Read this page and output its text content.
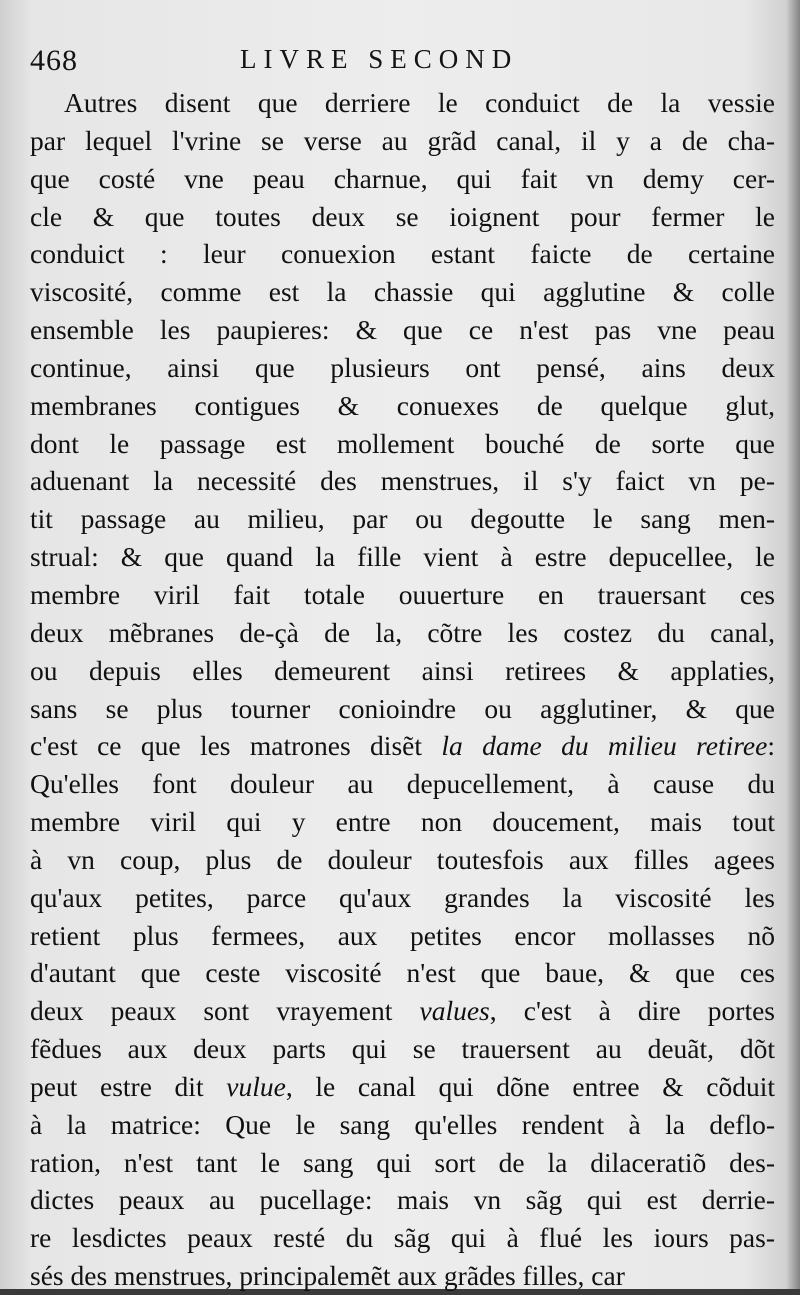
468	LIVRE SECOND
Autres disent que derriere le conduict de la vessie
par lequel l'vrine se verse au grãd canal, il y a de cha-
que costé vne peau charnue, qui fait vn demy cer-
cle & que toutes deux se ioignent pour fermer le
conduict : leur conuexion estant faicte de certaine
viscosité, comme est la chassie qui agglutine & colle
ensemble les paupieres: & que ce n'est pas vne peau
continue, ainsi que plusieurs ont pensé, ains deux
membranes contigues & conuexes de quelque glut,
dont le passage est mollement bouché de sorte que
aduenant la necessité des menstrues, il s'y faict vn pe-
tit passage au milieu, par ou degoutte le sang men-
strual: & que quand la fille vient à estre depucellee, le
membre viril fait totale ouuerture en trauersant ces
deux mẽbranes de-çà de la, cõtre les costez du canal,
ou depuis elles demeurent ainsi retirees & applaties,
sans se plus tourner conioindre ou agglutiner, & que
c'est ce que les matrones disẽt la dame du milieu retiree:
Qu'elles font douleur au depucellement, à cause du
membre viril qui y entre non doucement, mais tout
à vn coup, plus de douleur toutesfois aux filles agees
qu'aux petites, parce qu'aux grandes la viscosité les
retient plus fermees, aux petites encor mollasses nõ
d'autant que ceste viscosité n'est que baue, & que ces
deux peaux sont vrayement values, c'est à dire portes
fẽdues aux deux parts qui se trauersent au deuãt, dõt
peut estre dit vulue, le canal qui dõne entree & cõduit
à la matrice: Que le sang qu'elles rendent à la deflo-
ration, n'est tant le sang qui sort de la dilaceratiõ des-
dictes peaux au pucellage: mais vn sãg qui est derrie-
re lesdictes peaux resté du sãg qui à flué les iours pas-
sés des menstrues, principalemẽt aux grãdes filles, car
